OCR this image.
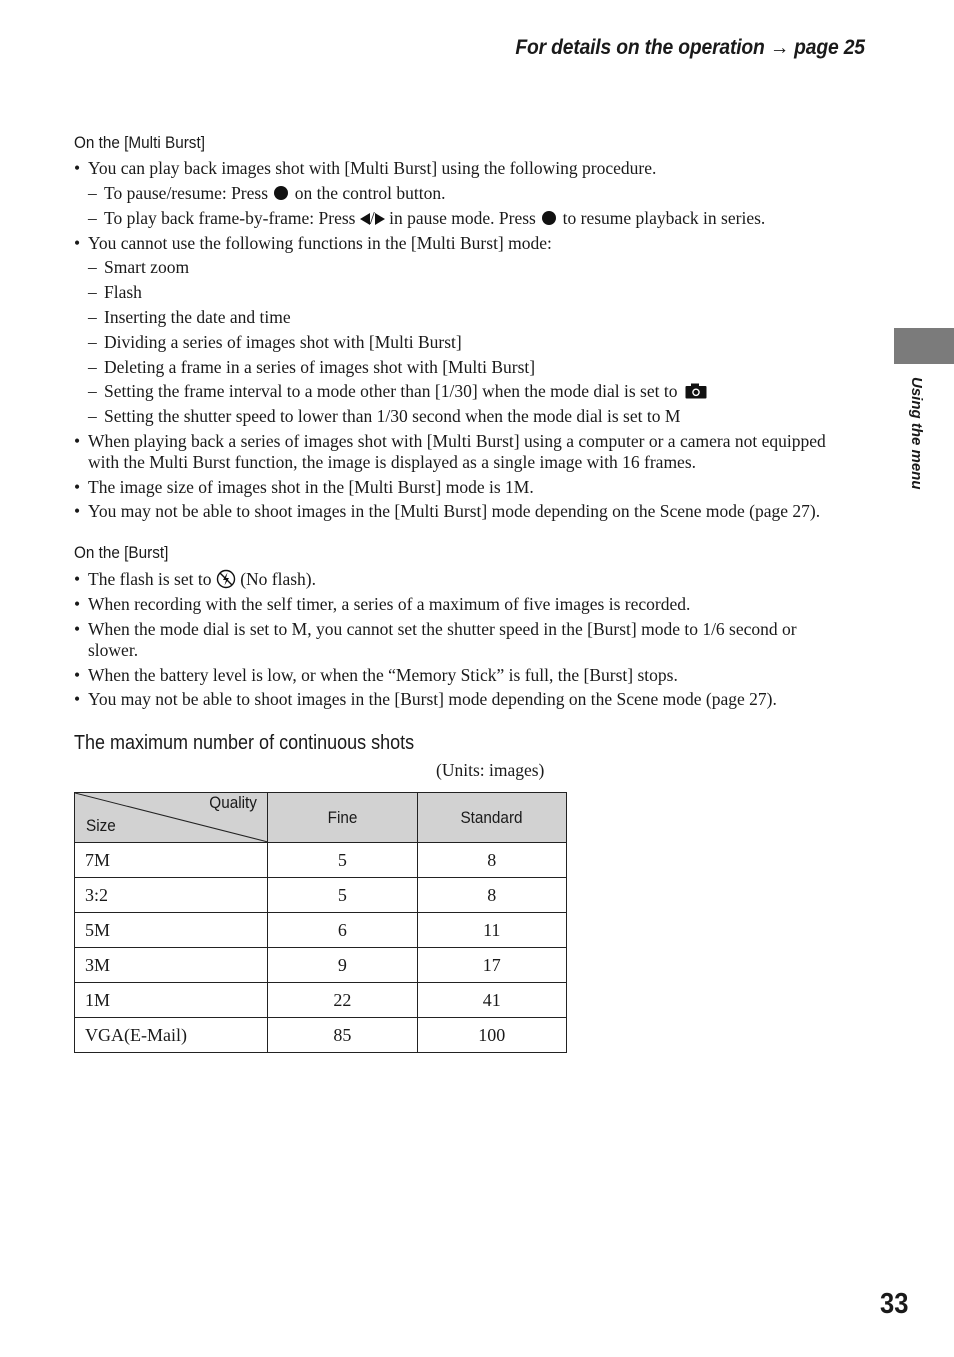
For details on the operation → page 25
Using the menu
On the [Multi Burst]
• You can play back images shot with [Multi Burst] using the following procedure.
– To pause/resume: Press on the control button.
– To play back frame-by-frame: Press / in pause mode. Press to resume playback in series.
• You cannot use the following functions in the [Multi Burst] mode:
– Smart zoom
– Flash
– Inserting the date and time
– Dividing a series of images shot with [Multi Burst]
– Deleting a frame in a series of images shot with [Multi Burst]
– Setting the frame interval to a mode other than [1/30] when the mode dial is set to
– Setting the shutter speed to lower than 1/30 second when the mode dial is set to M
• When playing back a series of images shot with [Multi Burst] using a computer or a camera not equipped
with the Multi Burst function, the image is displayed as a single image with 16 frames.
• The image size of images shot in the [Multi Burst] mode is 1M.
• You may not be able to shoot images in the [Multi Burst] mode depending on the Scene mode (page 27).
On the [Burst]
• The flash is set to (No flash).
• When recording with the self timer, a series of a maximum of five images is recorded.
• When the mode dial is set to M, you cannot set the shutter speed in the [Burst] mode to 1/6 second or
slower.
• When the battery level is low, or when the “Memory Stick” is full, the [Burst] stops.
• You may not be able to shoot images in the [Burst] mode depending on the Scene mode (page 27).
The maximum number of continuous shots
(Units: images)
Quality
Size	Fine	Standard
7M	5	8
3:2	5	8
5M	6	11
3M	9	17
1M	22	41
VGA(E-Mail)	85	100
33
